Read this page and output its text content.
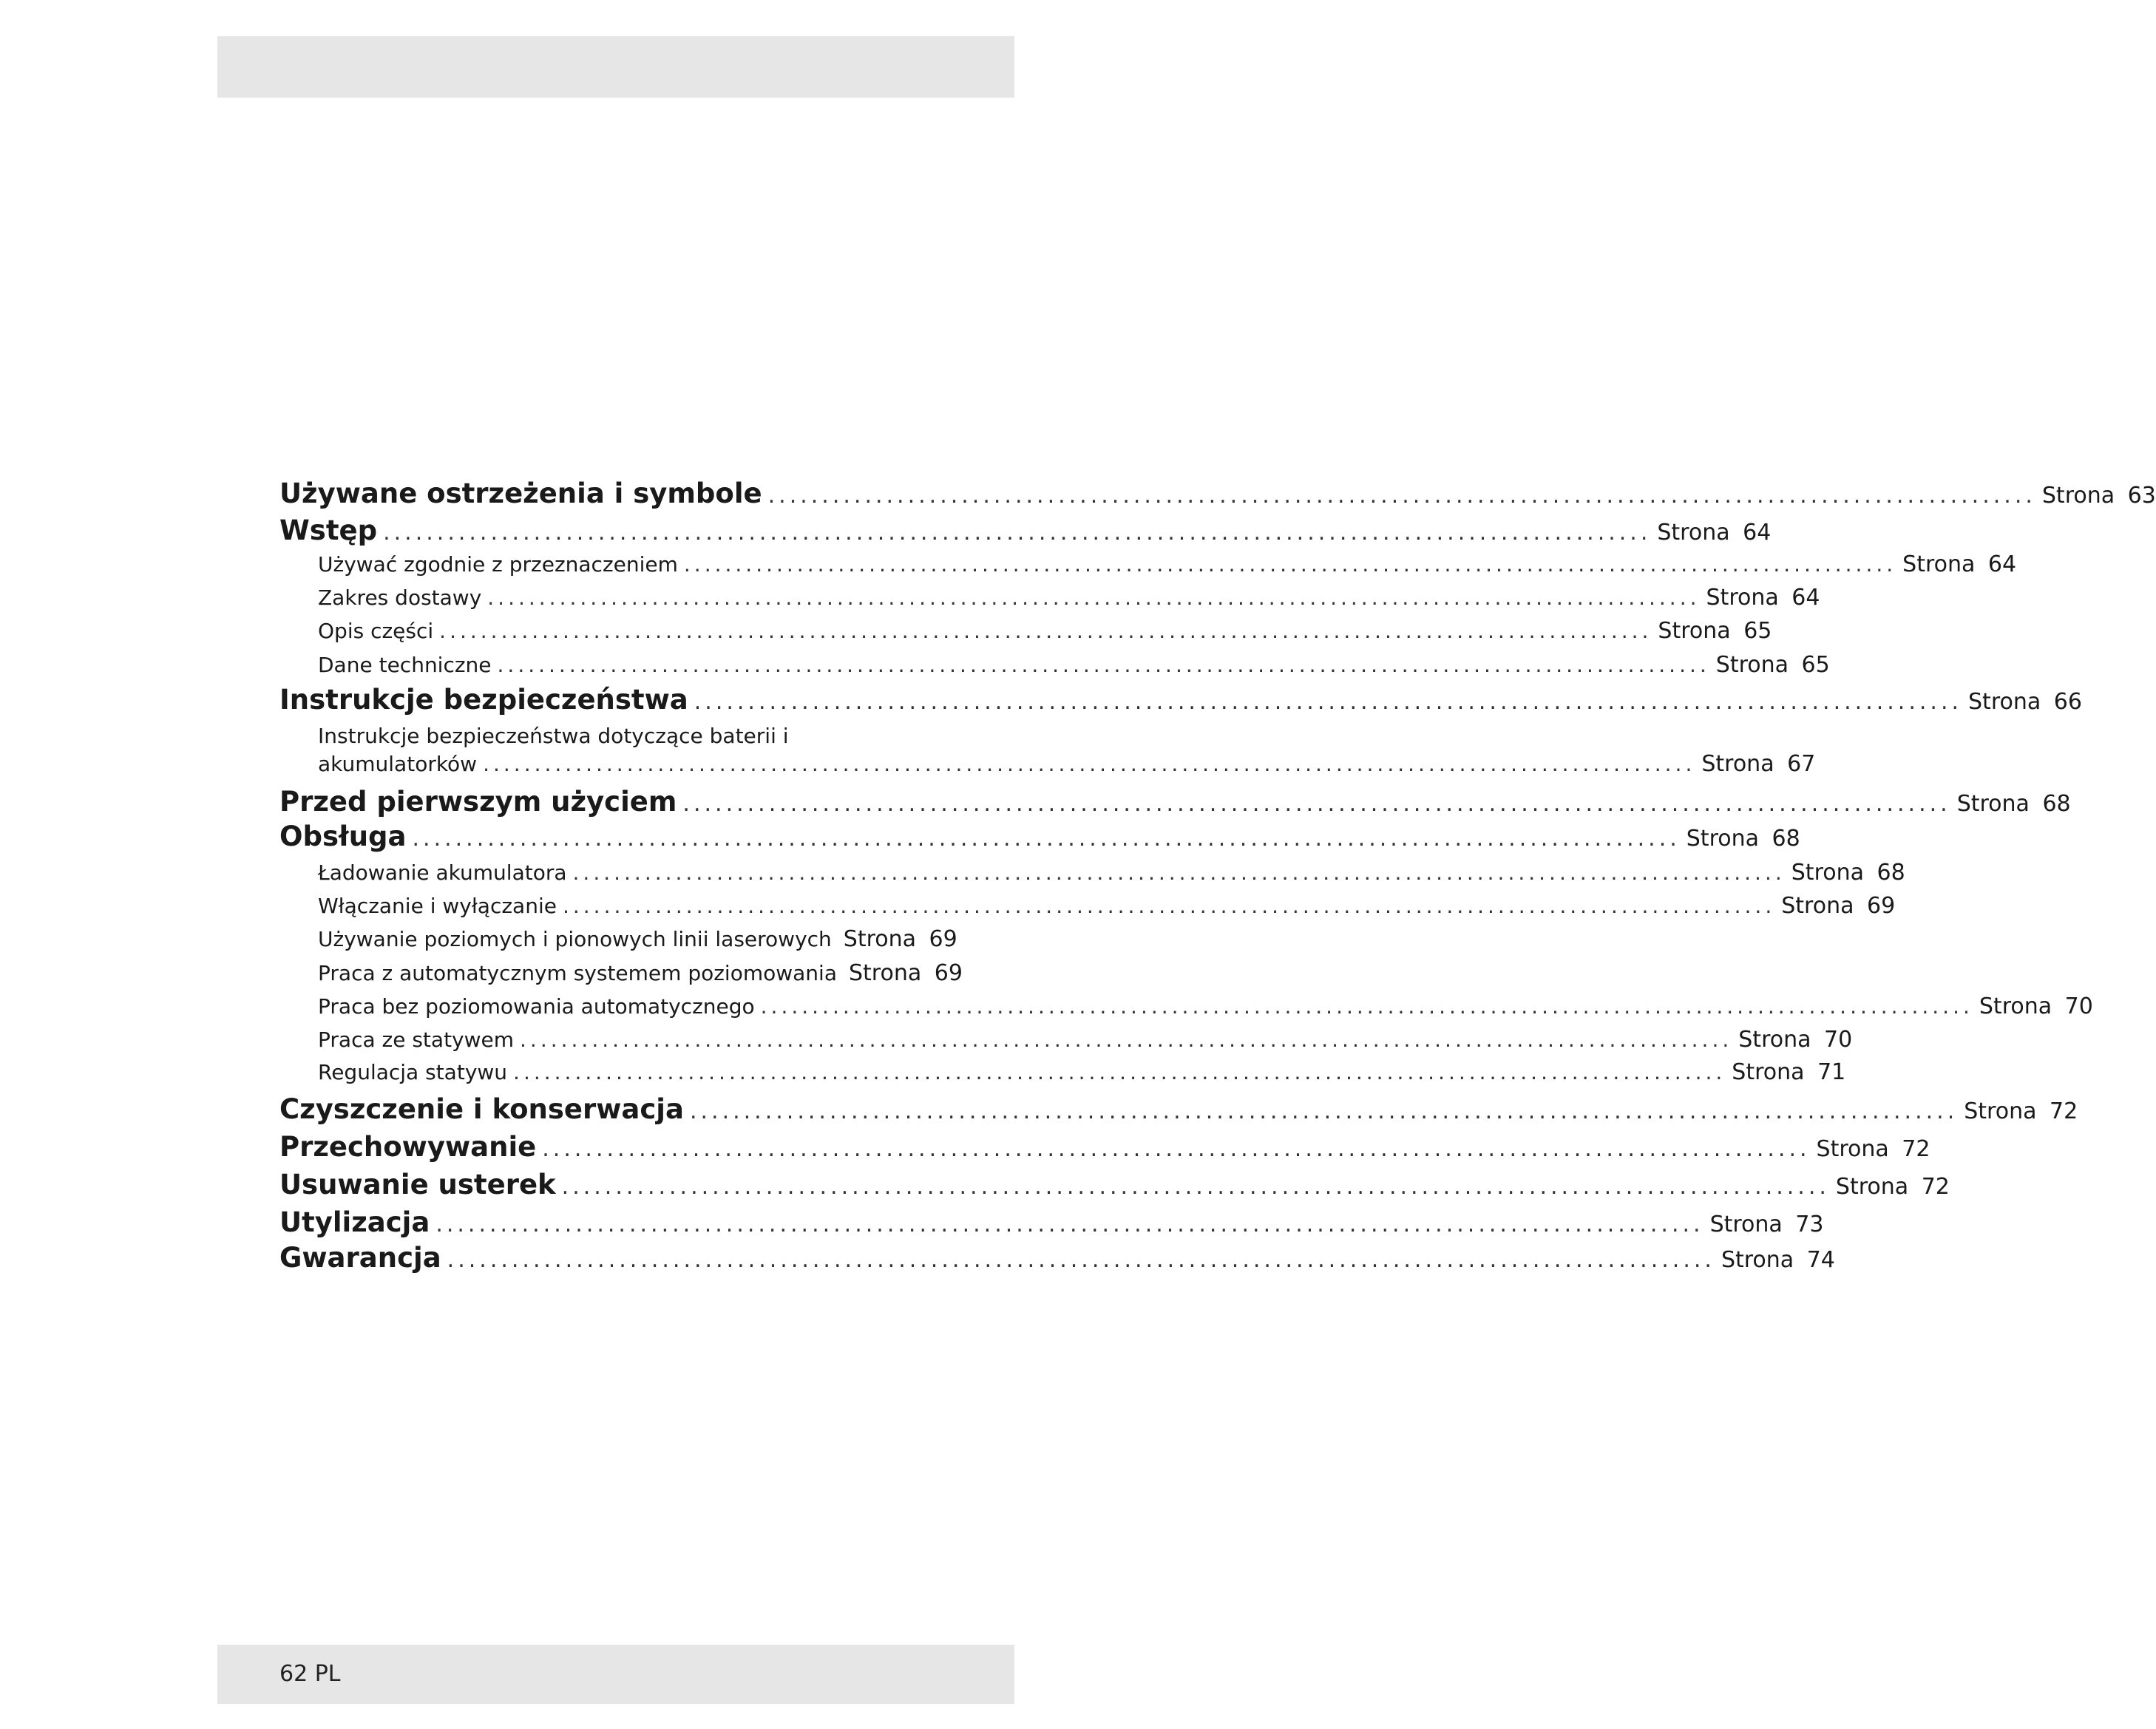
Używane ostrzeżenia i symbole ...................................................................................................................... Strona 63
Wstęp ...................................................................................................................... Strona 64
Używać zgodnie z przeznaczeniem ...................................................................................................................... Strona 64
Zakres dostawy ...................................................................................................................... Strona 64
Opis części ...................................................................................................................... Strona 65
Dane techniczne ...................................................................................................................... Strona 65
Instrukcje bezpieczeństwa ...................................................................................................................... Strona 66
Instrukcje bezpieczeństwa dotyczące baterii i
akumulatorków ...................................................................................................................... Strona 67
Przed pierwszym użyciem ...................................................................................................................... Strona 68
Obsługa ...................................................................................................................... Strona 68
Ładowanie akumulatora ...................................................................................................................... Strona 68
Włączanie i wyłączanie ...................................................................................................................... Strona 69
Używanie poziomych i pionowych linii laserowych Strona 69
Praca z automatycznym systemem poziomowania Strona 69
Praca bez poziomowania automatycznego ...................................................................................................................... Strona 70
Praca ze statywem ...................................................................................................................... Strona 70
Regulacja statywu ...................................................................................................................... Strona 71
Czyszczenie i konserwacja ...................................................................................................................... Strona 72
Przechowywanie ...................................................................................................................... Strona 72
Usuwanie usterek ...................................................................................................................... Strona 72
Utylizacja ...................................................................................................................... Strona 73
Gwarancja ...................................................................................................................... Strona 74
62 PL
